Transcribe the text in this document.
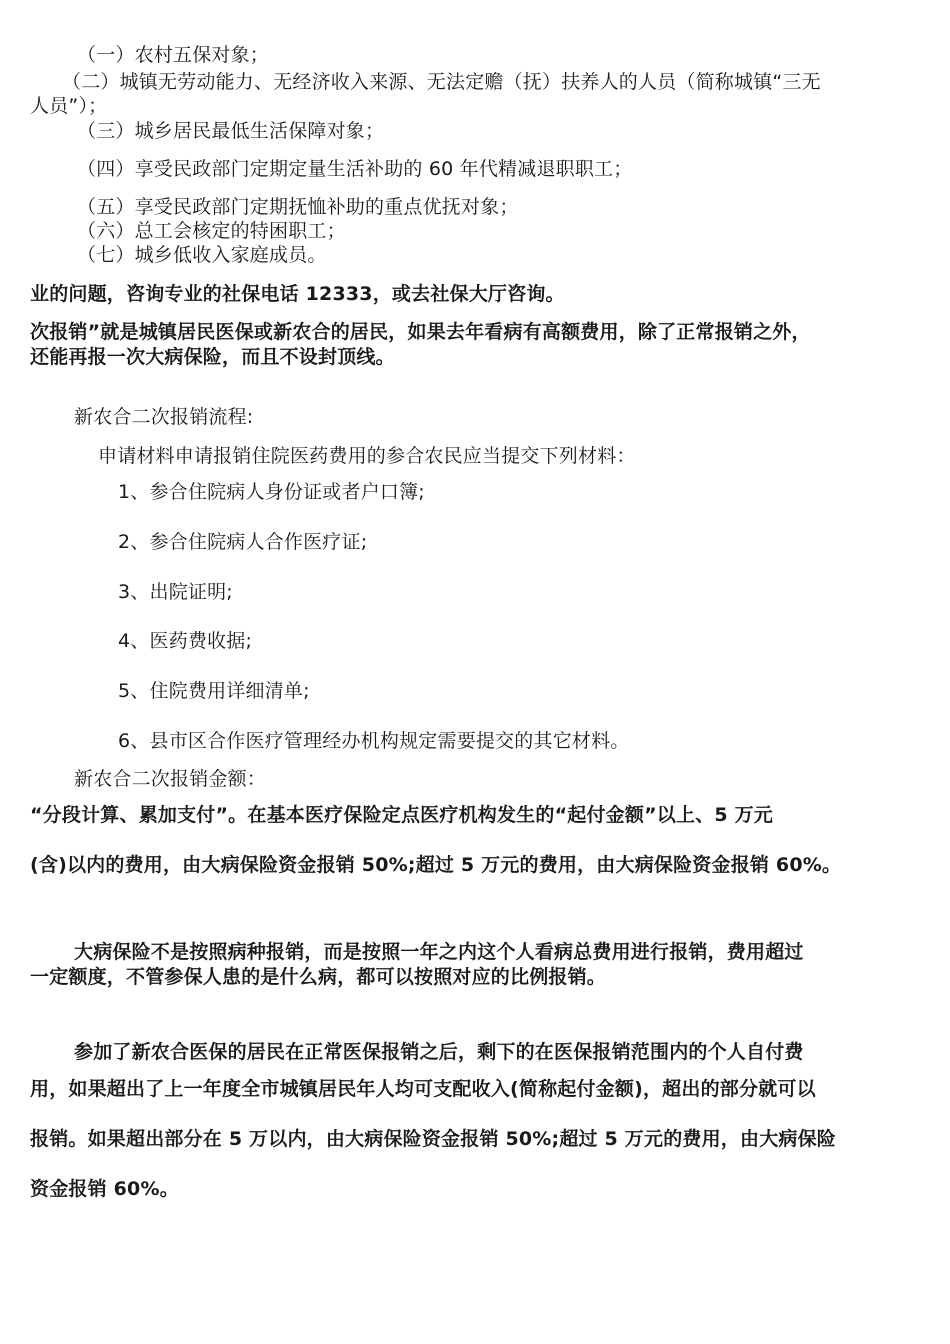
（一）农村五保对象；
（二）城镇无劳动能力、无经济收入来源、无法定赡（抚）扶养人的人员（简称城镇“三无
人员”）；
（三）城乡居民最低生活保障对象；
（四）享受民政部门定期定量生活补助的 60 年代精减退职职工；
（五）享受民政部门定期抚恤补助的重点优抚对象；
（六）总工会核定的特困职工；
（七）城乡低收入家庭成员。
业的问题，咨询专业的社保电话 12333，或去社保大厅咨询。
次报销”就是城镇居民医保或新农合的居民，如果去年看病有高额费用，除了正常报销之外，
还能再报一次大病保险，而且不设封顶线。
新农合二次报销流程:
申请材料申请报销住院医药费用的参合农民应当提交下列材料：
1、参合住院病人身份证或者户口簿;
2、参合住院病人合作医疗证;
3、出院证明;
4、医药费收据;
5、住院费用详细清单;
6、县市区合作医疗管理经办机构规定需要提交的其它材料。
新农合二次报销金额：
“分段计算、累加支付”。在基本医疗保险定点医疗机构发生的“起付金额”以上、5 万元
(含)以内的费用，由大病保险资金报销 50%;超过 5 万元的费用，由大病保险资金报销 60%。
大病保险不是按照病种报销，而是按照一年之内这个人看病总费用进行报销，费用超过
一定额度，不管参保人患的是什么病，都可以按照对应的比例报销。
参加了新农合医保的居民在正常医保报销之后，剩下的在医保报销范围内的个人自付费
用，如果超出了上一年度全市城镇居民年人均可支配收入(简称起付金额)，超出的部分就可以
报销。如果超出部分在 5 万以内，由大病保险资金报销 50%;超过 5 万元的费用，由大病保险
资金报销 60%。
